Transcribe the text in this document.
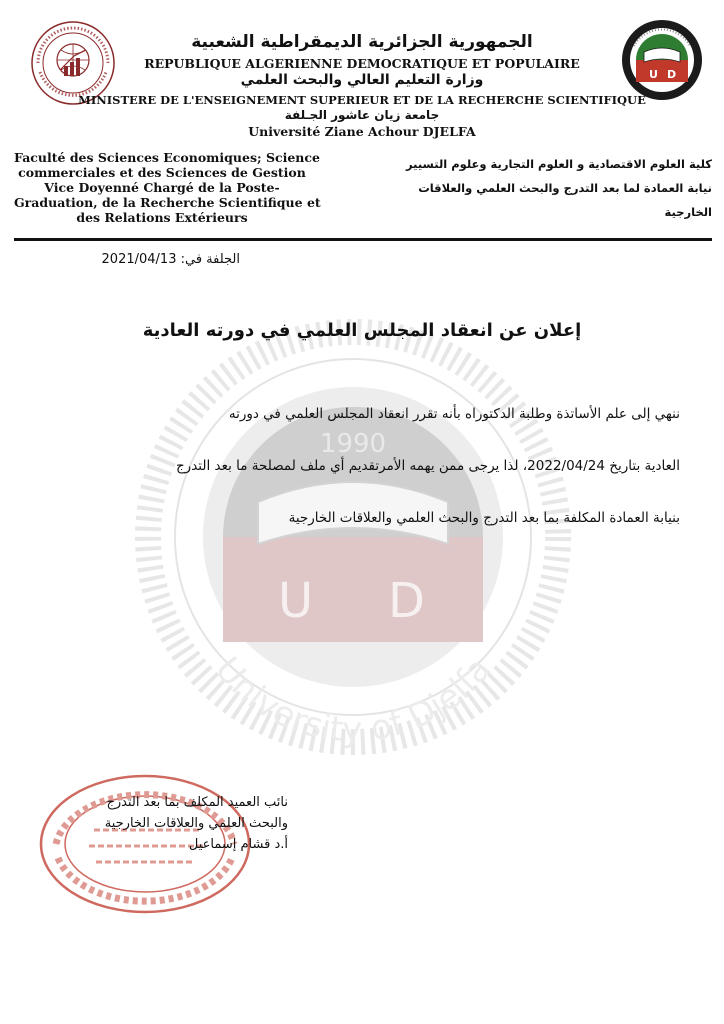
U D
الجمهورية الجزائرية الديمقراطية الشعبية
REPUBLIQUE ALGERIENNE DEMOCRATIQUE ET POPULAIRE
وزارة التعليم العالي والبحث العلمي
MINISTERE DE L'ENSEIGNEMENT SUPERIEUR ET DE LA RECHERCHE SCIENTIFIQUE
جامعة زيان عاشور الجـلفة
Université Ziane Achour DJELFA
Faculté des Sciences Economiques; Science
commerciales et des Sciences de Gestion
Vice Doyenné Chargé de la Poste-
Graduation, de la Recherche Scientifique et
des Relations Extérieurs
كلية العلوم الاقتصادية و العلوم التجارية وعلوم التسيير
نيابة العمادة لما بعد التدرج والبحث العلمي والعلاقات
الخارجية
الجلفة في: 2021/04/13
1990
U D
University of Djelfa
إعلان عن انعقاد المجلس العلمي في دورته العادية
ننهي إلى علم الأساتذة وطلبة الدكتوراه بأنه تقرر انعقاد المجلس العلمي في دورته
العادية بتاريخ 2022/04/24، لذا يرجى ممن يهمه الأمرتقديم أي ملف لمصلحة ما بعد التدرج
بنيابة العمادة المكلفة بما بعد التدرج والبحث العلمي والعلاقات الخارجية
نائب العميد المكلف بما بعد التدرج
والبحث العلمي والعلاقات الخارجية
أ.د قشام إسماعيل
